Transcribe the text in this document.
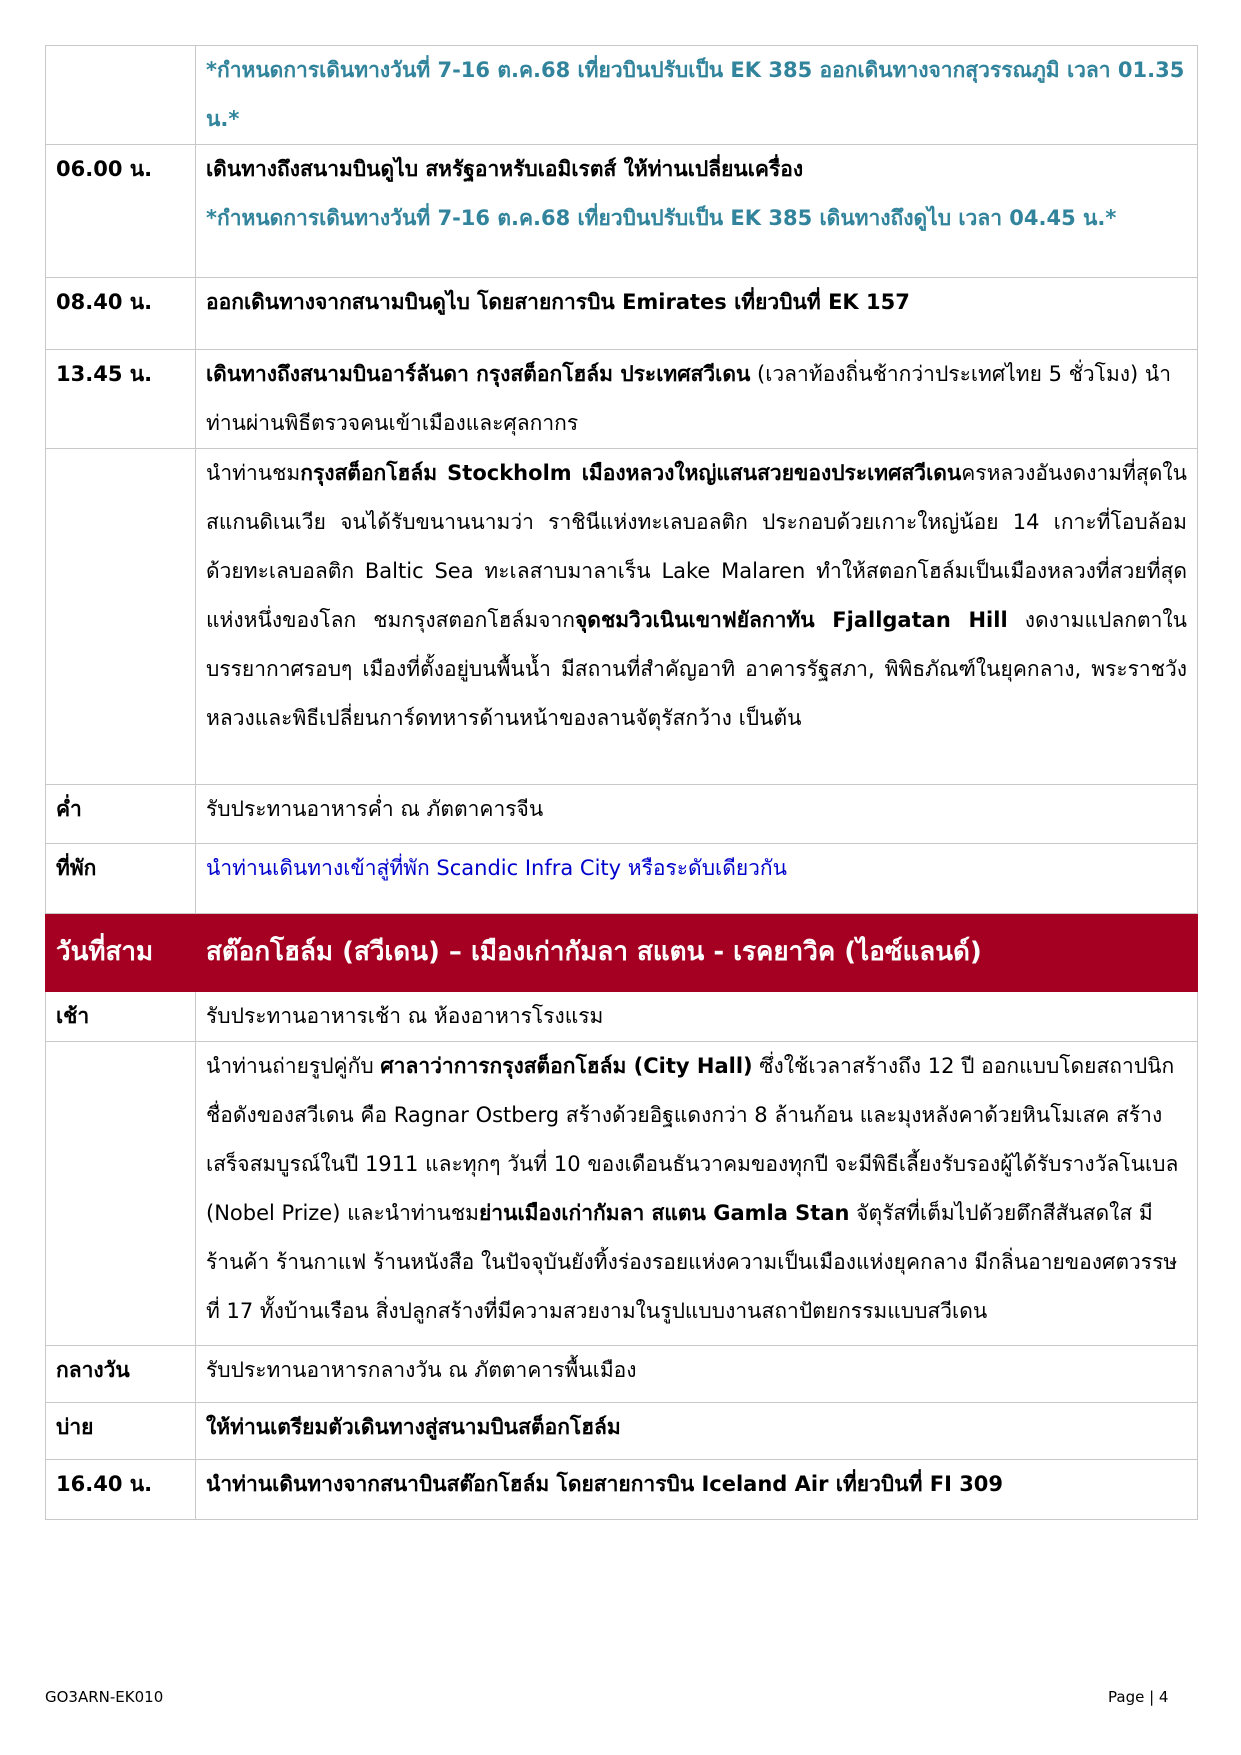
	*กำหนดการเดินทางวันที่ 7-16 ต.ค.68 เที่ยวบินปรับเป็น EK 385 ออกเดินทางจากสุวรรณภูมิ เวลา 01.35 น.*

06.00 น.	เดินทางถึงสนามบินดูไบ สหรัฐอาหรับเอมิเรตส์ ให้ท่านเปลี่ยนเครื่อง
*กำหนดการเดินทางวันที่ 7-16 ต.ค.68 เที่ยวบินปรับเป็น EK 385 เดินทางถึงดูไบ เวลา 04.45 น.*

08.40 น.	ออกเดินทางจากสนามบินดูไบ โดยสายการบิน Emirates เที่ยวบินที่ EK 157

13.45 น.	เดินทางถึงสนามบินอาร์ลันดา กรุงสต็อกโฮล์ม ประเทศสวีเดน (เวลาท้องถิ่นช้ากว่าประเทศไทย 5 ชั่วโมง) นำท่านผ่านพิธีตรวจคนเข้าเมืองและศุลกากร

	นำท่านชมกรุงสต็อกโฮล์ม Stockholm เมืองหลวงใหญ่แสนสวยของประเทศสวีเดนครหลวงอันงดงามที่สุดในสแกนดิเนเวีย จนได้รับขนานนามว่า ราชินีแห่งทะเลบอลติก ประกอบด้วยเกาะใหญ่น้อย 14 เกาะที่โอบล้อมด้วยทะเลบอลติก Baltic Sea ทะเลสาบมาลาเร็น Lake Malaren ทำให้สตอกโฮล์มเป็นเมืองหลวงที่สวยที่สุดแห่งหนึ่งของโลก ชมกรุงสตอกโฮล์มจากจุดชมวิวเนินเขาฟยัลกาทัน Fjallgatan Hill งดงามแปลกตาในบรรยากาศรอบๆ เมืองที่ตั้งอยู่บนพื้นน้ำ มีสถานที่สำคัญอาทิ อาคารรัฐสภา, พิพิธภัณฑ์ในยุคกลาง, พระราชวังหลวงและพิธีเปลี่ยนการ์ดทหารด้านหน้าของลานจัตุรัสกว้าง เป็นต้น

ค่ำ	รับประทานอาหารค่ำ ณ ภัตตาคารจีน

ที่พัก	นำท่านเดินทางเข้าสู่ที่พัก Scandic Infra City หรือระดับเดียวกัน

วันที่สาม	สต๊อกโฮล์ม (สวีเดน) – เมืองเก่ากัมลา สแตน - เรคยาวิค (ไอซ์แลนด์)
เช้า	รับประทานอาหารเช้า ณ ห้องอาหารโรงแรม

	นำท่านถ่ายรูปคู่กับ ศาลาว่าการกรุงสต็อกโฮล์ม (City Hall) ซึ่งใช้เวลาสร้างถึง 12 ปี ออกแบบโดยสถาปนิกชื่อดังของสวีเดน คือ Ragnar Ostberg สร้างด้วยอิฐแดงกว่า 8 ล้านก้อน และมุงหลังคาด้วยหินโมเสค สร้างเสร็จสมบูรณ์ในปี 1911 และทุกๆ วันที่ 10 ของเดือนธันวาคมของทุกปี จะมีพิธีเลี้ยงรับรองผู้ได้รับรางวัลโนเบล (Nobel Prize) และนำท่านชมย่านเมืองเก่ากัมลา สแตน Gamla Stan จัตุรัสที่เต็มไปด้วยตึกสีสันสดใส มีร้านค้า ร้านกาแฟ ร้านหนังสือ ในปัจจุบันยังทิ้งร่องรอยแห่งความเป็นเมืองแห่งยุคกลาง มีกลิ่นอายของศตวรรษที่ 17 ทั้งบ้านเรือน สิ่งปลูกสร้างที่มีความสวยงามในรูปแบบงานสถาปัตยกรรมแบบสวีเดน

กลางวัน	รับประทานอาหารกลางวัน ณ ภัตตาคารพื้นเมือง

บ่าย	ให้ท่านเตรียมตัวเดินทางสู่สนามบินสต็อกโฮล์ม

16.40 น.	นำท่านเดินทางจากสนาบินสต๊อกโฮล์ม โดยสายการบิน Iceland Air เที่ยวบินที่ FI 309
GO3ARN-EK010	Page | 4
